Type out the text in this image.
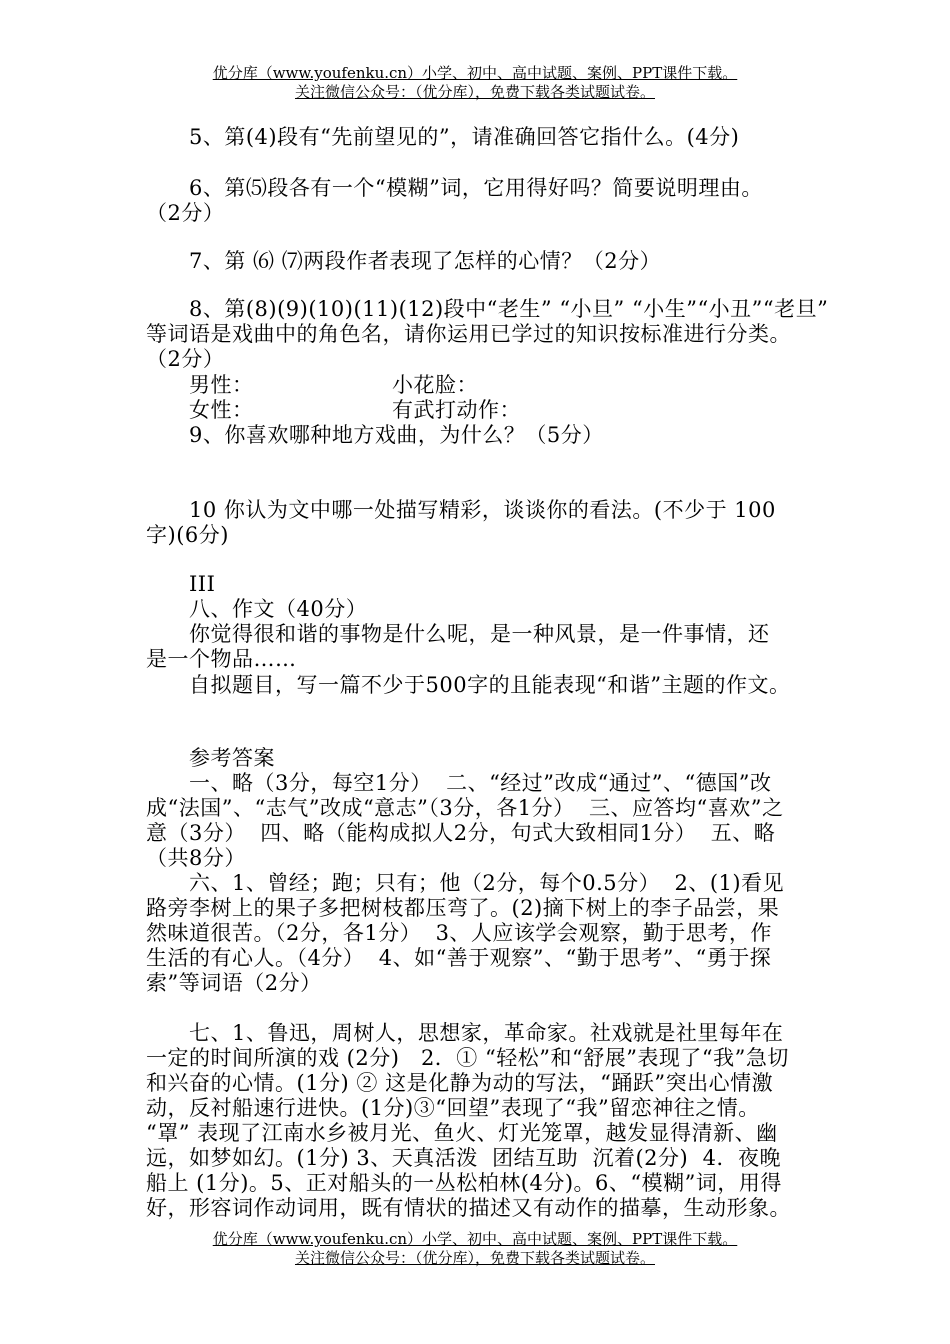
优分库（www.youfenku.cn）小学、初中、高中试题、案例、PPT课件下载。
关注微信公众号：（优分库），免费下载各类试题试卷。
5、第(4)段有“先前望见的”，请准确回答它指什么。(4分)
6、第⑸段各有一个“模糊”词，它用得好吗？简要说明理由。
（2分）
7、第 ⑹ ⑺两段作者表现了怎样的心情？（2分）
8、第(8)(9)(10)(11)(12)段中“老生” “小旦” “小生”“小丑”“老旦”
等词语是戏曲中的角色名，请你运用已学过的知识按标准进行分类。
（2分）
男性：	小花脸：
女性：	有武打动作：
9、你喜欢哪种地方戏曲，为什么？（5分）
10 你认为文中哪一处描写精彩，谈谈你的看法。(不少于 100
字)(6分)
III
八、作文（40分）
你觉得很和谐的事物是什么呢，是一种风景，是一件事情，还
是一个物品……
自拟题目，写一篇不少于500字的且能表现“和谐”主题的作文。
参考答案
一、略（3分，每空1分）  二、“经过”改成“通过”、“德国”改
成“法国”、“志气”改成“意志”（3分，各1分）  三、应答均“喜欢”之
意（3分）  四、略（能构成拟人2分，句式大致相同1分）  五、略
（共8分）
六、1、曾经；跑；只有；他（2分，每个0.5分）  2、(1)看见
路旁李树上的果子多把树枝都压弯了。(2)摘下树上的李子品尝，果
然味道很苦。（2分，各1分）  3、人应该学会观察，勤于思考，作
生活的有心人。（4分）  4、如“善于观察”、“勤于思考”、“勇于探
索”等词语（2分）
七、1、鲁迅，周树人，思想家，革命家。社戏就是社里每年在
一定的时间所演的戏 (2分)   2．① “轻松”和“舒展”表现了“我”急切
和兴奋的心情。(1分) ② 这是化静为动的写法，“踊跃”突出心情激
动，反衬船速行进快。(1分)③“回望”表现了“我”留恋神往之情。
“罩” 表现了江南水乡被月光、鱼火、灯光笼罩，越发显得清新、幽
远，如梦如幻。(1分) 3、天真活泼  团结互助  沉着(2分)  4．夜晚
船上 (1分)。5、正对船头的一丛松柏林(4分)。6、“模糊”词，用得
好，形容词作动词用，既有情状的描述又有动作的描摹，生动形象。
优分库（www.youfenku.cn）小学、初中、高中试题、案例、PPT课件下载。
关注微信公众号：（优分库），免费下载各类试题试卷。
